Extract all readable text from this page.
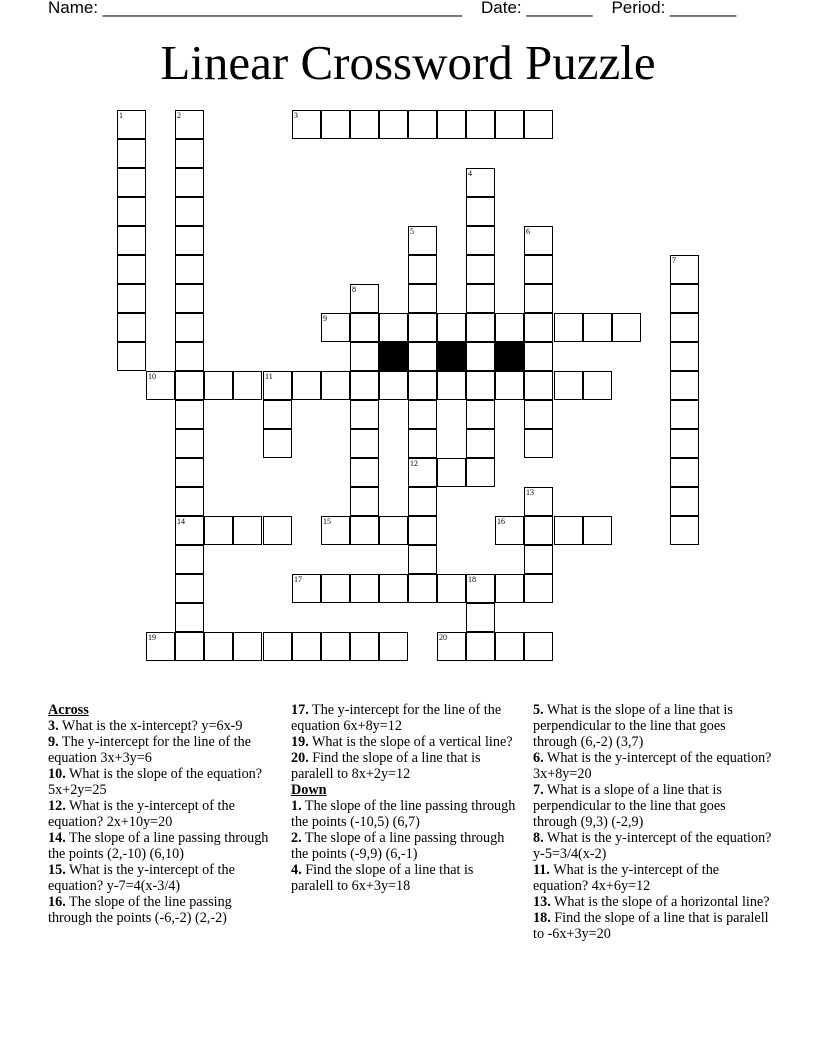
Name: ______________________________________ Date: _______ Period: _______
Linear Crossword Puzzle
1	2
14
3
4
5
12
6
7
8
9
10	11
13
15	16
17	18
19	20
Across
3. What is the x-intercept? y=6x-9
9. The y-intercept for the line of the equation 3x+3y=6
10. What is the slope of the equation? 5x+2y=25
12. What is the y-intercept of the equation? 2x+10y=20
14. The slope of a line passing through the points (2,-10) (6,10)
15. What is the y-intercept of the equation? y-7=4(x-3/4)
16. The slope of the line passing through the points (-6,-2) (2,-2)
17. The y-intercept for the line of the equation 6x+8y=12
19. What is the slope of a vertical line?
20. Find the slope of a line that is paralell to 8x+2y=12
Down
1. The slope of the line passing through the points (-10,5) (6,7)
2. The slope of a line passing through the points (-9,9) (6,-1)
4. Find the slope of a line that is paralell to 6x+3y=18
5. What is the slope of a line that is perpendicular to the line that goes through (6,-2) (3,7)
6. What is the y-intercept of the equation? 3x+8y=20
7. What is a slope of a line that is perpendicular to the line that goes through (9,3) (-2,9)
8. What is the y-intercept of the equation? y-5=3/4(x-2)
11. What is the y-intercept of the equation? 4x+6y=12
13. What is the slope of a horizontal line?
18. Find the slope of a line that is paralell to -6x+3y=20
